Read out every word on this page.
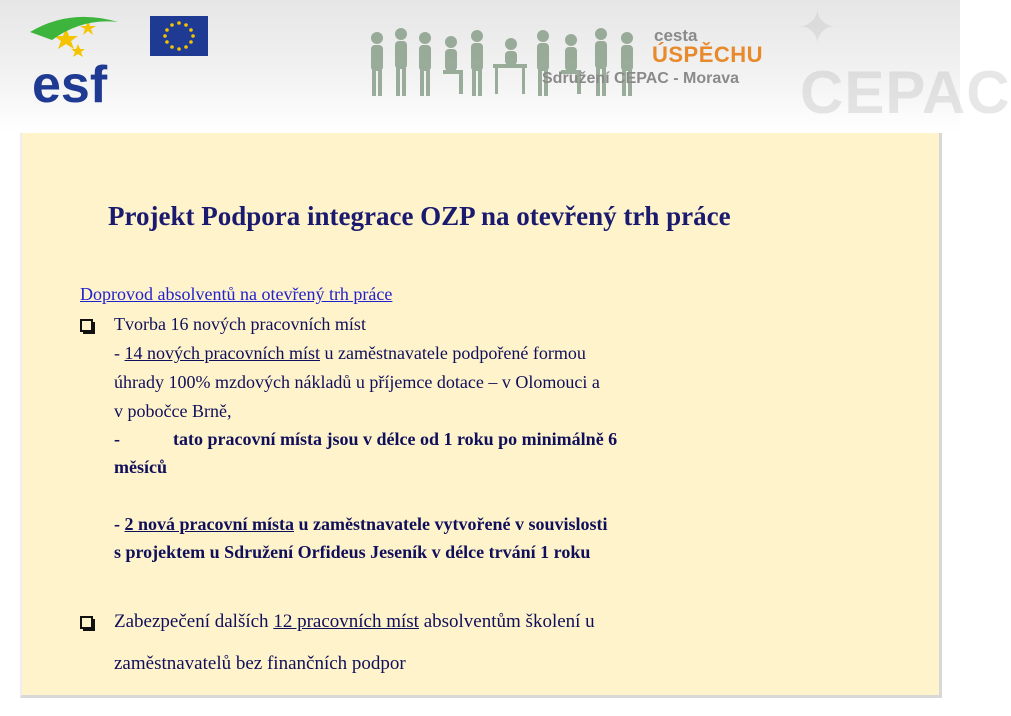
esf
✦
CEPAC
cesta
ÚSPĚCHU
Sdružení CEPAC - Morava
Projekt Podpora integrace OZP na otevřený trh práce
Doprovod absolventů na otevřený trh práce
Tvorba 16 nových pracovních míst
- 14 nových pracovních míst u zaměstnavatele podpořené formou
úhrady 100% mzdových nákladů u příjemce dotace – v Olomouci a
v pobočce Brně,
-	tato pracovní místa jsou v délce od 1 roku po minimálně 6
měsíců
- 2 nová pracovní místa u zaměstnavatele vytvořené v souvislosti
s projektem u Sdružení Orfideus Jeseník v délce trvání 1 roku
Zabezpečení dalších 12 pracovních míst absolventům školení u
zaměstnavatelů bez finančních podpor
